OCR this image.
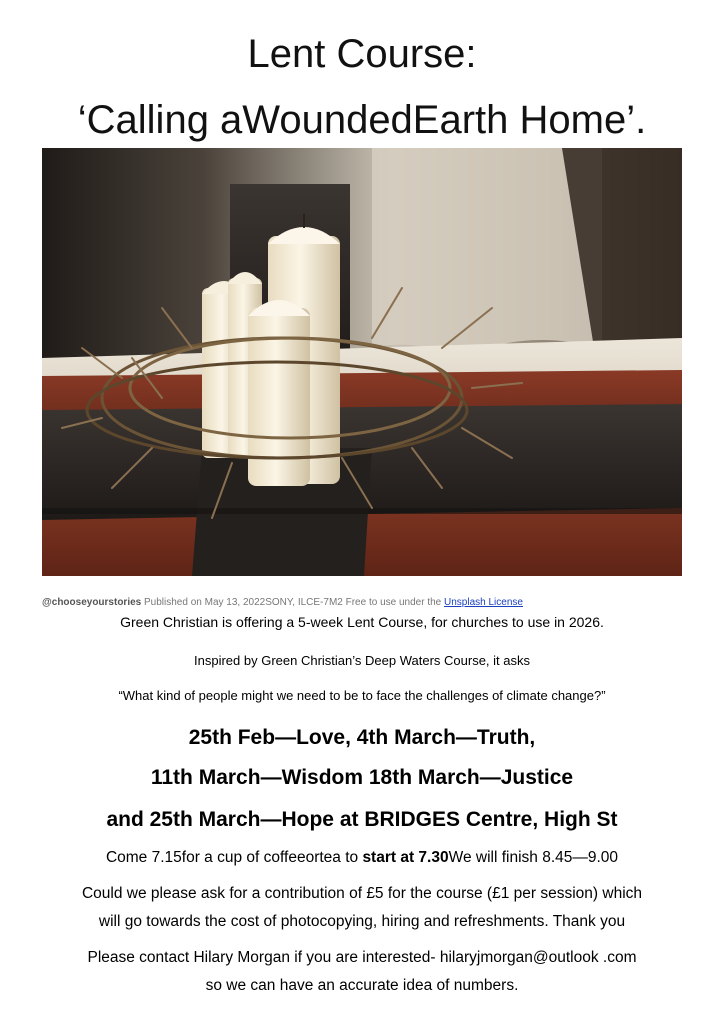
Lent Course:
‘Calling aWoundedEarth Home’.
@chooseyourstories Published on May 13, 2022SONY, ILCE-7M2 Free to use under the Unsplash License
Green Christian is offering a 5-week Lent Course, for churches to use in 2026.
Inspired by Green Christian’s Deep Waters Course, it asks
“What kind of people might we need to be to face the challenges of climate change?”
25th Feb—Love, 4th March—Truth,
11th March—Wisdom 18th March—Justice
and 25th March—Hope at BRIDGES Centre, High St
Come 7.15for a cup of coffeeortea to start at 7.30We will finish 8.45—9.00
Could we please ask for a contribution of £5 for the course (£1 per session) which
will go towards the cost of photocopying, hiring and refreshments. Thank you
Please contact Hilary Morgan if you are interested- hilaryjmorgan@outlook .com
so we can have an accurate idea of numbers.
